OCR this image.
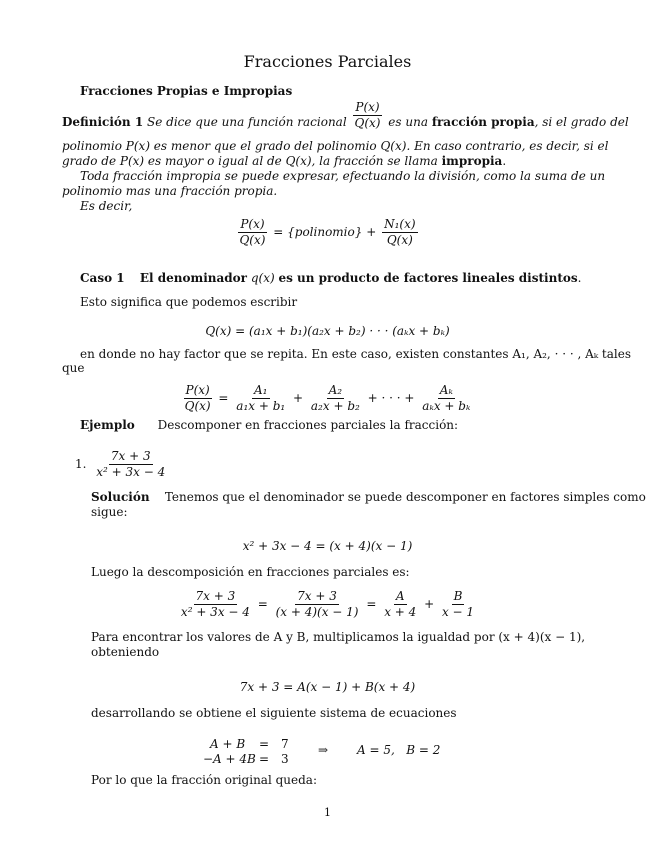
Fracciones Parciales
Fracciones Propias e Impropias
Definición 1 Se dice que una función racional $\frac{P(x)}{Q(x)}$ es una fracción propia, si el grado del
polinomio P(x) es menor que el grado del polinomio Q(x). En caso contrario, es decir, si el
grado de P(x) es mayor o igual al de Q(x), la fracción se llama impropia.
Toda fracción impropia se puede expresar, efectuando la división, como la suma de un
polinomio mas una fracción propia.
Es decir,
$\frac{P(x)}{Q(x)}$ = {polinomio} + $\frac{\text{N₁(x)}}{Q(x)}$
Caso 1 El denominador q(x) es un producto de factores lineales distintos.
Esto significa que podemos escribir
Q(x) = (a₁x + b₁)(a₂x + b₂) · · · (aₖx + bₖ)
en donde no hay factor que se repita. En este caso, existen constantes A₁, A₂, · · · , Aₖ tales
que
$\frac{P(x)}{Q(x)} = \frac{\text{A₁}}{\text{a₁x + b₁}} + \frac{\text{A₂}}{\text{a₂x + b₂}}$ + · · · + $\frac{\text{Aₖ}}{\text{aₖx + bₖ}}$
Ejemplo Descomponer en fracciones parciales la fracción:
1. $\frac{7x + 3}{\text{x² + 3x − 4}}$
Solución Tenemos que el denominador se puede descomponer en factores simples como
sigue:
x² + 3x − 4 = (x + 4)(x − 1)
Luego la descomposición en fracciones parciales es:
$\frac{7x + 3}{\text{x² + 3x − 4}} = \frac{7x + 3}{(x + 4)(x - 1)} = \frac{A}{x + 4} + \frac{B}{x - 1}$
Para encontrar los valores de A y B, multiplicamos la igualdad por (x + 4)(x − 1),
obteniendo
7x + 3 = A(x − 1) + B(x + 4)
desarrollando se obtiene el siguiente sistema de ecuaciones
A + B = 7
−A + 4B = 3
⇒ A = 5,   B = 2
Por lo que la fracción original queda:
1
